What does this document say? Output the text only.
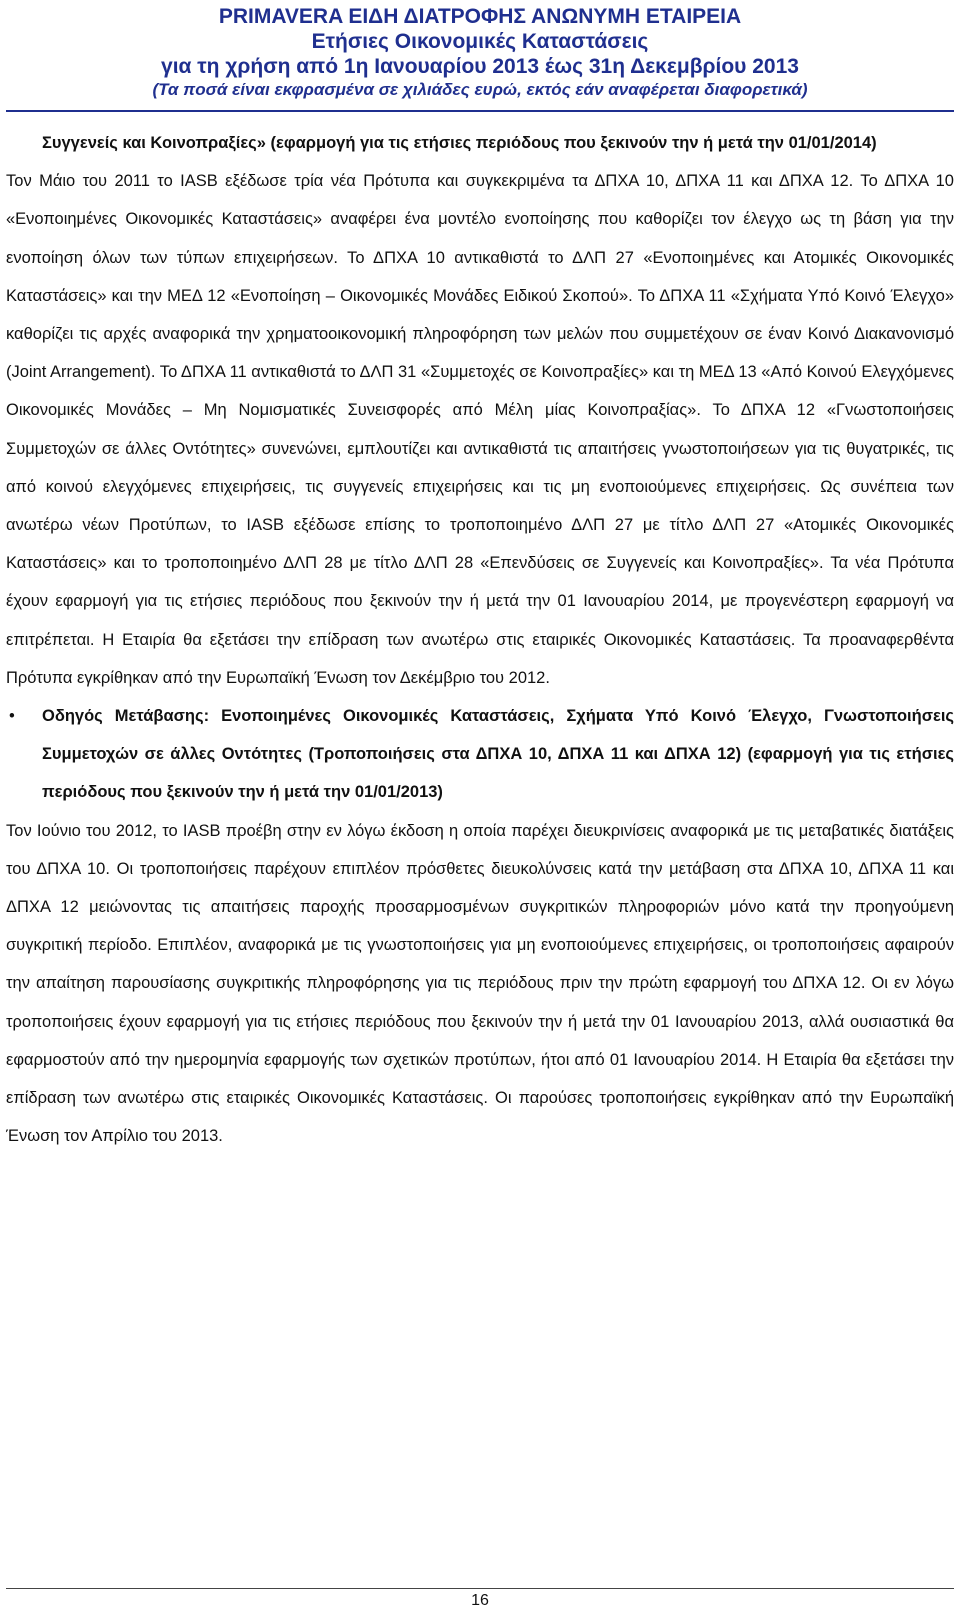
PRIMAVERA ΕΙΔΗ ΔΙΑΤΡΟΦΗΣ ΑΝΩΝΥΜΗ ΕΤΑΙΡΕΙΑ
Ετήσιες Οικονομικές Καταστάσεις
για τη χρήση από 1η Ιανουαρίου 2013 έως 31η Δεκεμβρίου 2013
(Τα ποσά είναι εκφρασμένα σε χιλιάδες ευρώ, εκτός εάν αναφέρεται διαφορετικά)

Συγγενείς και Κοινοπραξίες» (εφαρμογή για τις ετήσιες περιόδους που ξεκινούν την ή μετά την 01/01/2014)

Τον Μάιο του 2011 το IASB εξέδωσε τρία νέα Πρότυπα και συγκεκριμένα τα ΔΠΧΑ 10, ΔΠΧΑ 11 και ΔΠΧΑ 12. Το ΔΠΧΑ 10 «Ενοποιημένες Οικονομικές Καταστάσεις» αναφέρει ένα μοντέλο ενοποίησης που καθορίζει τον έλεγχο ως τη βάση για την ενοποίηση όλων των τύπων επιχειρήσεων. Το ΔΠΧΑ 10 αντικαθιστά το ΔΛΠ 27 «Ενοποιημένες και Ατομικές Οικονομικές Καταστάσεις» και την ΜΕΔ 12 «Ενοποίηση – Οικονομικές Μονάδες Ειδικού Σκοπού». Το ΔΠΧΑ 11 «Σχήματα Υπό Κοινό Έλεγχο» καθορίζει τις αρχές αναφορικά την χρηματοοικονομική πληροφόρηση των μελών που συμμετέχουν σε έναν Κοινό Διακανονισμό (Joint Arrangement). Το ΔΠΧΑ 11 αντικαθιστά το ΔΛΠ 31 «Συμμετοχές σε Κοινοπραξίες» και τη ΜΕΔ 13 «Από Κοινού Ελεγχόμενες Οικονομικές Μονάδες – Μη Νομισματικές Συνεισφορές από Μέλη μίας Κοινοπραξίας». Το ΔΠΧΑ 12 «Γνωστοποιήσεις Συμμετοχών σε άλλες Οντότητες» συνενώνει, εμπλουτίζει και αντικαθιστά τις απαιτήσεις γνωστοποιήσεων για τις θυγατρικές, τις από κοινού ελεγχόμενες επιχειρήσεις, τις συγγενείς επιχειρήσεις και τις μη ενοποιούμενες επιχειρήσεις. Ως συνέπεια των ανωτέρω νέων Προτύπων, το IASB εξέδωσε επίσης το τροποποιημένο ΔΛΠ 27 με τίτλο ΔΛΠ 27 «Ατομικές Οικονομικές Καταστάσεις» και το τροποποιημένο ΔΛΠ 28 με τίτλο ΔΛΠ 28 «Επενδύσεις σε Συγγενείς και Κοινοπραξίες». Τα νέα Πρότυπα έχουν εφαρμογή για τις ετήσιες περιόδους που ξεκινούν την ή μετά την 01 Ιανουαρίου 2014, με προγενέστερη εφαρμογή να επιτρέπεται. Η Εταιρία θα εξετάσει την επίδραση των ανωτέρω στις εταιρικές Οικονομικές Καταστάσεις. Τα προαναφερθέντα Πρότυπα εγκρίθηκαν από την Ευρωπαϊκή Ένωση τον Δεκέμβριο του 2012.

•	Οδηγός Μετάβασης: Ενοποιημένες Οικονομικές Καταστάσεις, Σχήματα Υπό Κοινό Έλεγχο, Γνωστοποιήσεις Συμμετοχών σε άλλες Οντότητες (Τροποποιήσεις στα ΔΠΧΑ 10, ΔΠΧΑ 11 και ΔΠΧΑ 12) (εφαρμογή για τις ετήσιες περιόδους που ξεκινούν την ή μετά την 01/01/2013)

Τον Ιούνιο του 2012, το IASB προέβη στην εν λόγω έκδοση η οποία παρέχει διευκρινίσεις αναφορικά με τις μεταβατικές διατάξεις του ΔΠΧΑ 10. Οι τροποποιήσεις παρέχουν επιπλέον πρόσθετες διευκολύνσεις κατά την μετάβαση στα ΔΠΧΑ 10, ΔΠΧΑ 11 και ΔΠΧΑ 12 μειώνοντας τις απαιτήσεις παροχής προσαρμοσμένων συγκριτικών πληροφοριών μόνο κατά την προηγούμενη συγκριτική περίοδο. Επιπλέον, αναφορικά με τις γνωστοποιήσεις για μη ενοποιούμενες επιχειρήσεις, οι τροποποιήσεις αφαιρούν την απαίτηση παρουσίασης συγκριτικής πληροφόρησης για τις περιόδους πριν την πρώτη εφαρμογή του ΔΠΧΑ 12. Οι εν λόγω τροποποιήσεις έχουν εφαρμογή για τις ετήσιες περιόδους που ξεκινούν την ή μετά την 01 Ιανουαρίου 2013, αλλά ουσιαστικά θα εφαρμοστούν από την ημερομηνία εφαρμογής των σχετικών προτύπων, ήτοι από 01 Ιανουαρίου 2014. Η Εταιρία θα εξετάσει την επίδραση των ανωτέρω στις εταιρικές Οικονομικές Καταστάσεις. Οι παρούσες τροποποιήσεις εγκρίθηκαν από την Ευρωπαϊκή Ένωση τον Απρίλιο του 2013.

16
